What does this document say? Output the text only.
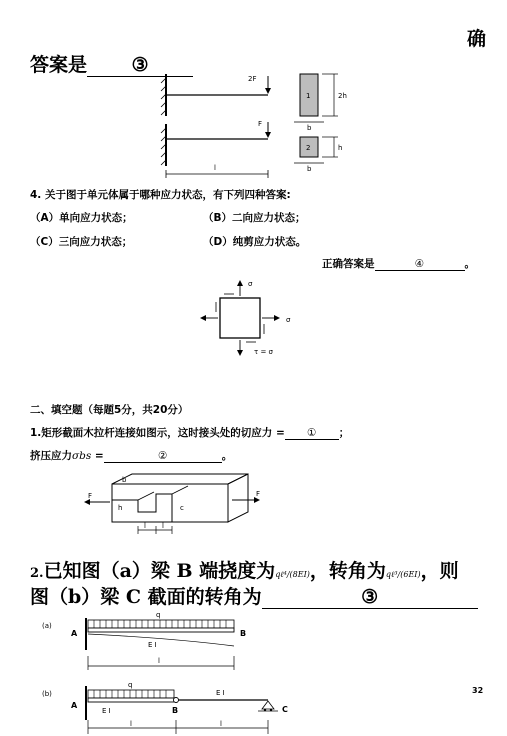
确
答案是 ③
2F
F
l
1	2h
b
2	h
b
4. 关于图于单元体属于哪种应力状态，有下列四种答案:
（A）单向应力状态；	（B）二向应力状态；
（C）三向应力状态；	（D）纯剪应力状态。
正确答案是	④	。
σ
σ
τ = σ
二、填空题（每题5分，共20分）
1.矩形截面木拉杆连接如图示，这时接头处的切应力 = ① ；
挤压应力σbs =	②	。
F	F
b
h	c
l l
2.已知图（a）梁 B 端挠度为qℓ⁴/(8EI)，转角为qℓ³/(6EI)，则
图（b）梁 C 截面的转角为	③
(a)
A
q
B
E I
l
(b)
A
q
B
E I
E I
C
l	l
32
